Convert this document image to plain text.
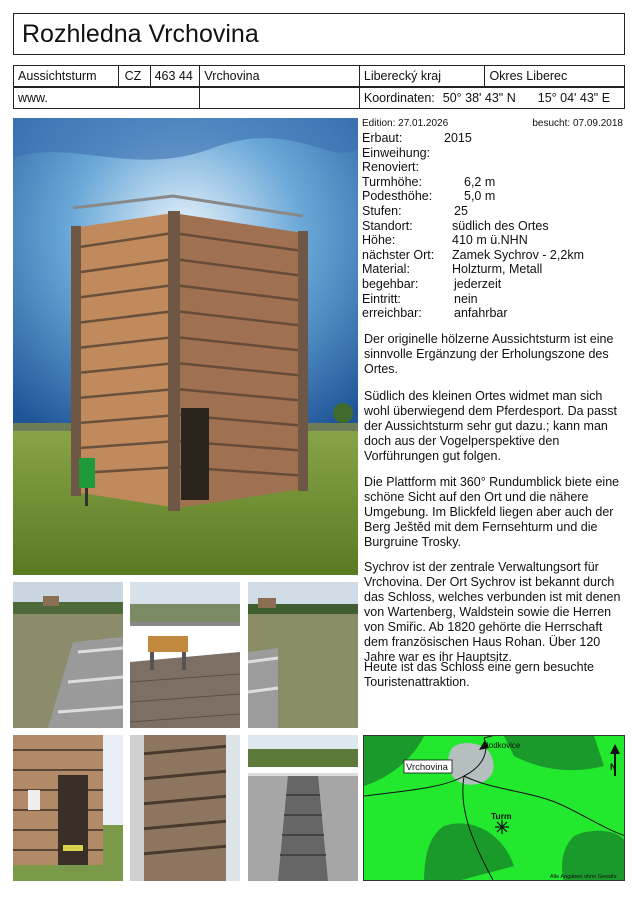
Rozhledna Vrchovina
Aussichtsturm	CZ	463 44 Vrchovina	Liberecký kraj	Okres Liberec
www.	Koordinaten: 50° 38' 43" N 15° 04' 43" E
Edition: 27.01.2026	besucht: 07.09.2018
Erbaut:	2015
Einweihung:
Renoviert:
Turmhöhe:	6,2 m
Podesthöhe:	5,0 m
Stufen:	25
Standort:	südlich des Ortes
Höhe:	410 m ü.NHN
nächster Ort: Zamek Sychrov - 2,2km
Material:	Holzturm, Metall
begehbar:	jederzeit
Eintritt:	nein
erreichbar:	anfahrbar

Der originelle hölzerne Aussichtsturm ist eine sinnvolle Ergänzung der Erholungszone des Ortes.

Südlich des kleinen Ortes widmet man sich wohl überwiegend dem Pferdesport. Da passt der Aussichtsturm sehr gut dazu.; kann man doch aus der Vogelperspektive den Vorführungen gut folgen.

Die Plattform mit 360° Rundumblick biete eine schöne Sicht auf den Ort und die nähere Umgebung. Im Blickfeld liegen aber auch der Berg Ještěd mit dem Fernsehturm und die Burgruine Trosky.

Sychrov ist der zentrale Verwaltungsort für Vrchovina. Der Ort Sychrov ist bekannt durch das Schloss, welches verbunden ist mit denen von Wartenberg, Waldstein sowie die Herren von Smiřic. Ab 1820 gehörte die Herrschaft dem französischen Haus Rohan. Über 120 Jahre war es ihr Hauptsitz.

Heute ist das Schloss eine gern besuchte Touristenattraktion.

Vrchovina
Hodkovice
Turm
N
Alle Angaben ohne Gewähr
